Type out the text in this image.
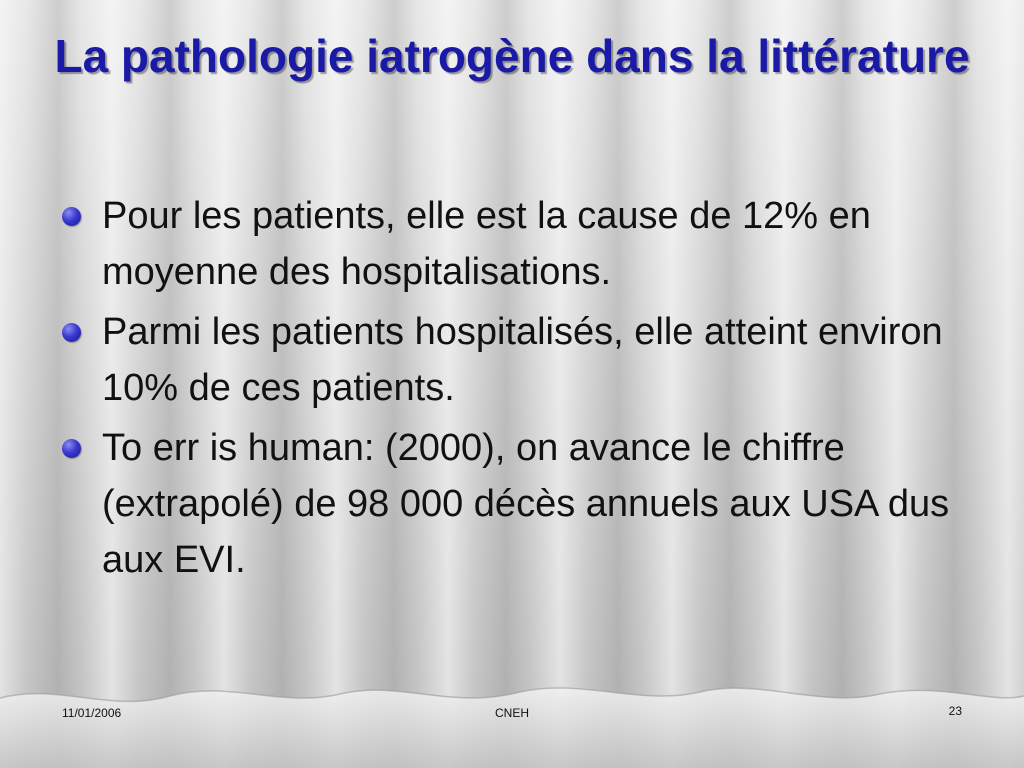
La pathologie iatrogène dans la littérature
Pour les patients, elle est la cause de 12% en moyenne des hospitalisations.
Parmi les patients hospitalisés, elle atteint environ 10% de ces patients.
To err is human: (2000), on avance le chiffre (extrapolé) de 98 000 décès annuels aux USA dus aux EVI.
11/01/2006	CNEH	23
